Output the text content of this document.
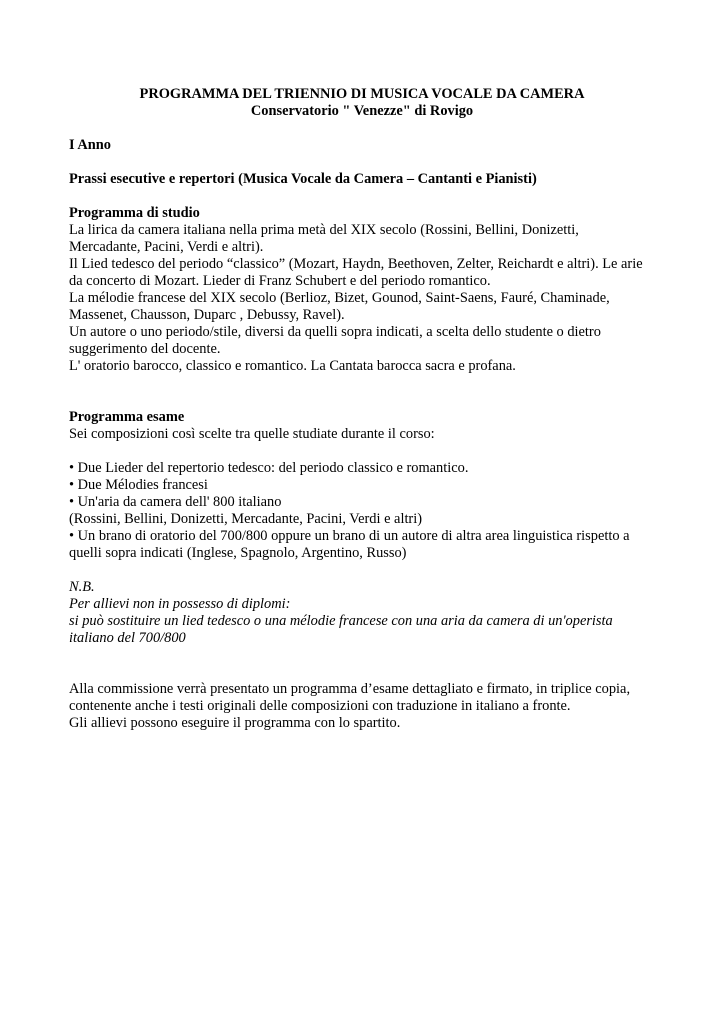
PROGRAMMA DEL TRIENNIO DI MUSICA VOCALE DA CAMERA
Conservatorio " Venezze" di Rovigo

I Anno

Prassi esecutive e repertori (Musica Vocale da Camera – Cantanti e Pianisti)

Programma di studio

La lirica da camera italiana nella prima metà del XIX secolo (Rossini, Bellini, Donizetti,
Mercadante, Pacini, Verdi e altri).
Il Lied tedesco del periodo “classico” (Mozart, Haydn, Beethoven, Zelter, Reichardt e altri). Le arie
da concerto di Mozart. Lieder di Franz Schubert e del periodo romantico.
La mélodie francese del XIX secolo (Berlioz, Bizet, Gounod, Saint-Saens, Fauré, Chaminade,
Massenet, Chausson, Duparc , Debussy, Ravel).
Un autore o uno periodo/stile, diversi da quelli sopra indicati, a scelta dello studente o dietro
suggerimento del docente.
L' oratorio barocco, classico e romantico. La Cantata barocca sacra e profana.

Programma esame

Sei composizioni così scelte tra quelle studiate durante il corso:

• Due Lieder del repertorio tedesco: del periodo classico e romantico.
• Due Mélodies francesi
• Un'aria da camera dell' 800 italiano
(Rossini, Bellini, Donizetti, Mercadante, Pacini, Verdi e altri)
• Un brano di oratorio del 700/800 oppure un brano di un autore di altra area linguistica rispetto a
quelli sopra indicati (Inglese, Spagnolo, Argentino, Russo)

N.B.
Per allievi non in possesso di diplomi:
si può sostituire un lied tedesco o una mélodie francese con una aria da camera di un'operista
italiano del 700/800
Alla commissione verrà presentato un programma d’esame dettagliato e firmato, in triplice copia,
contenente anche i testi originali delle composizioni con traduzione in italiano a fronte.
Gli allievi possono eseguire il programma con lo spartito.
